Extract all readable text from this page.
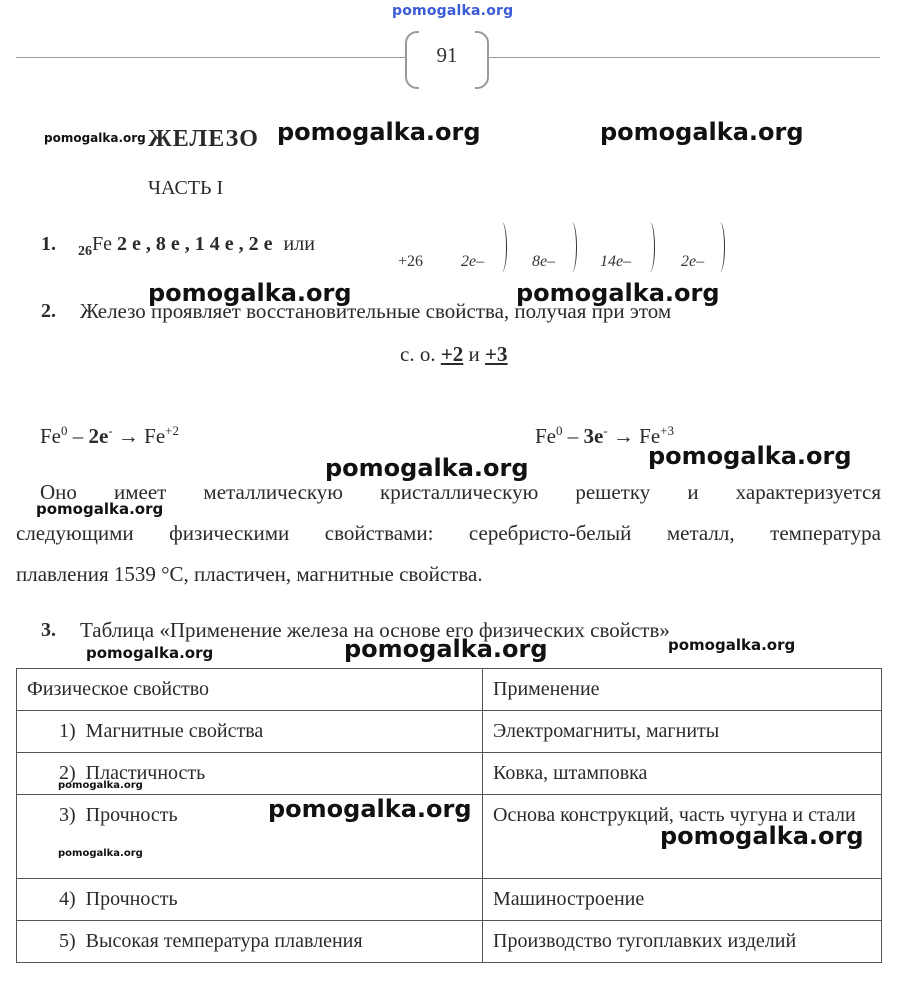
pomogalka.org
91
ЖЕЛЕЗО
ЧАСТЬ I
1. $_{26}$Fe 2 е , 8 е , 1 4 е , 2 е или
+26 2e–	8e–	14e–	2e–
2. Железо проявляет восстановительные свойства, получая при этом
с. о. +2 и +3
$Fe^0 - 2e^- \to Fe^{+2}$	$Fe^0 - 3e^- \to Fe^{+3}$
Оно имеет металлическую кристаллическую решетку и характеризуется
следующими физическими свойствами: серебристо-белый металл, температура
плавления 1539 °С, пластичен, магнитные свойства.
3. Таблица «Применение железа на основе его физических свойств»
Физическое свойство	Применение
1) Магнитные свойства	Электромагниты, магниты
2) Пластичность	Ковка, штамповка
3) Прочность	Основа конструкций, часть чугуна и стали
4) Прочность	Машиностроение
5) Высокая температура плавления	Производство тугоплавких изделий
pomogalka.org	pomogalka.org	pomogalka.org
pomogalka.org	pomogalka.org
pomogalka.org	pomogalka.org
pomogalka.org
pomogalka.org	pomogalka.org	pomogalka.org
pomogalka.org
pomogalka.org
pomogalka.org
pomogalka.org
